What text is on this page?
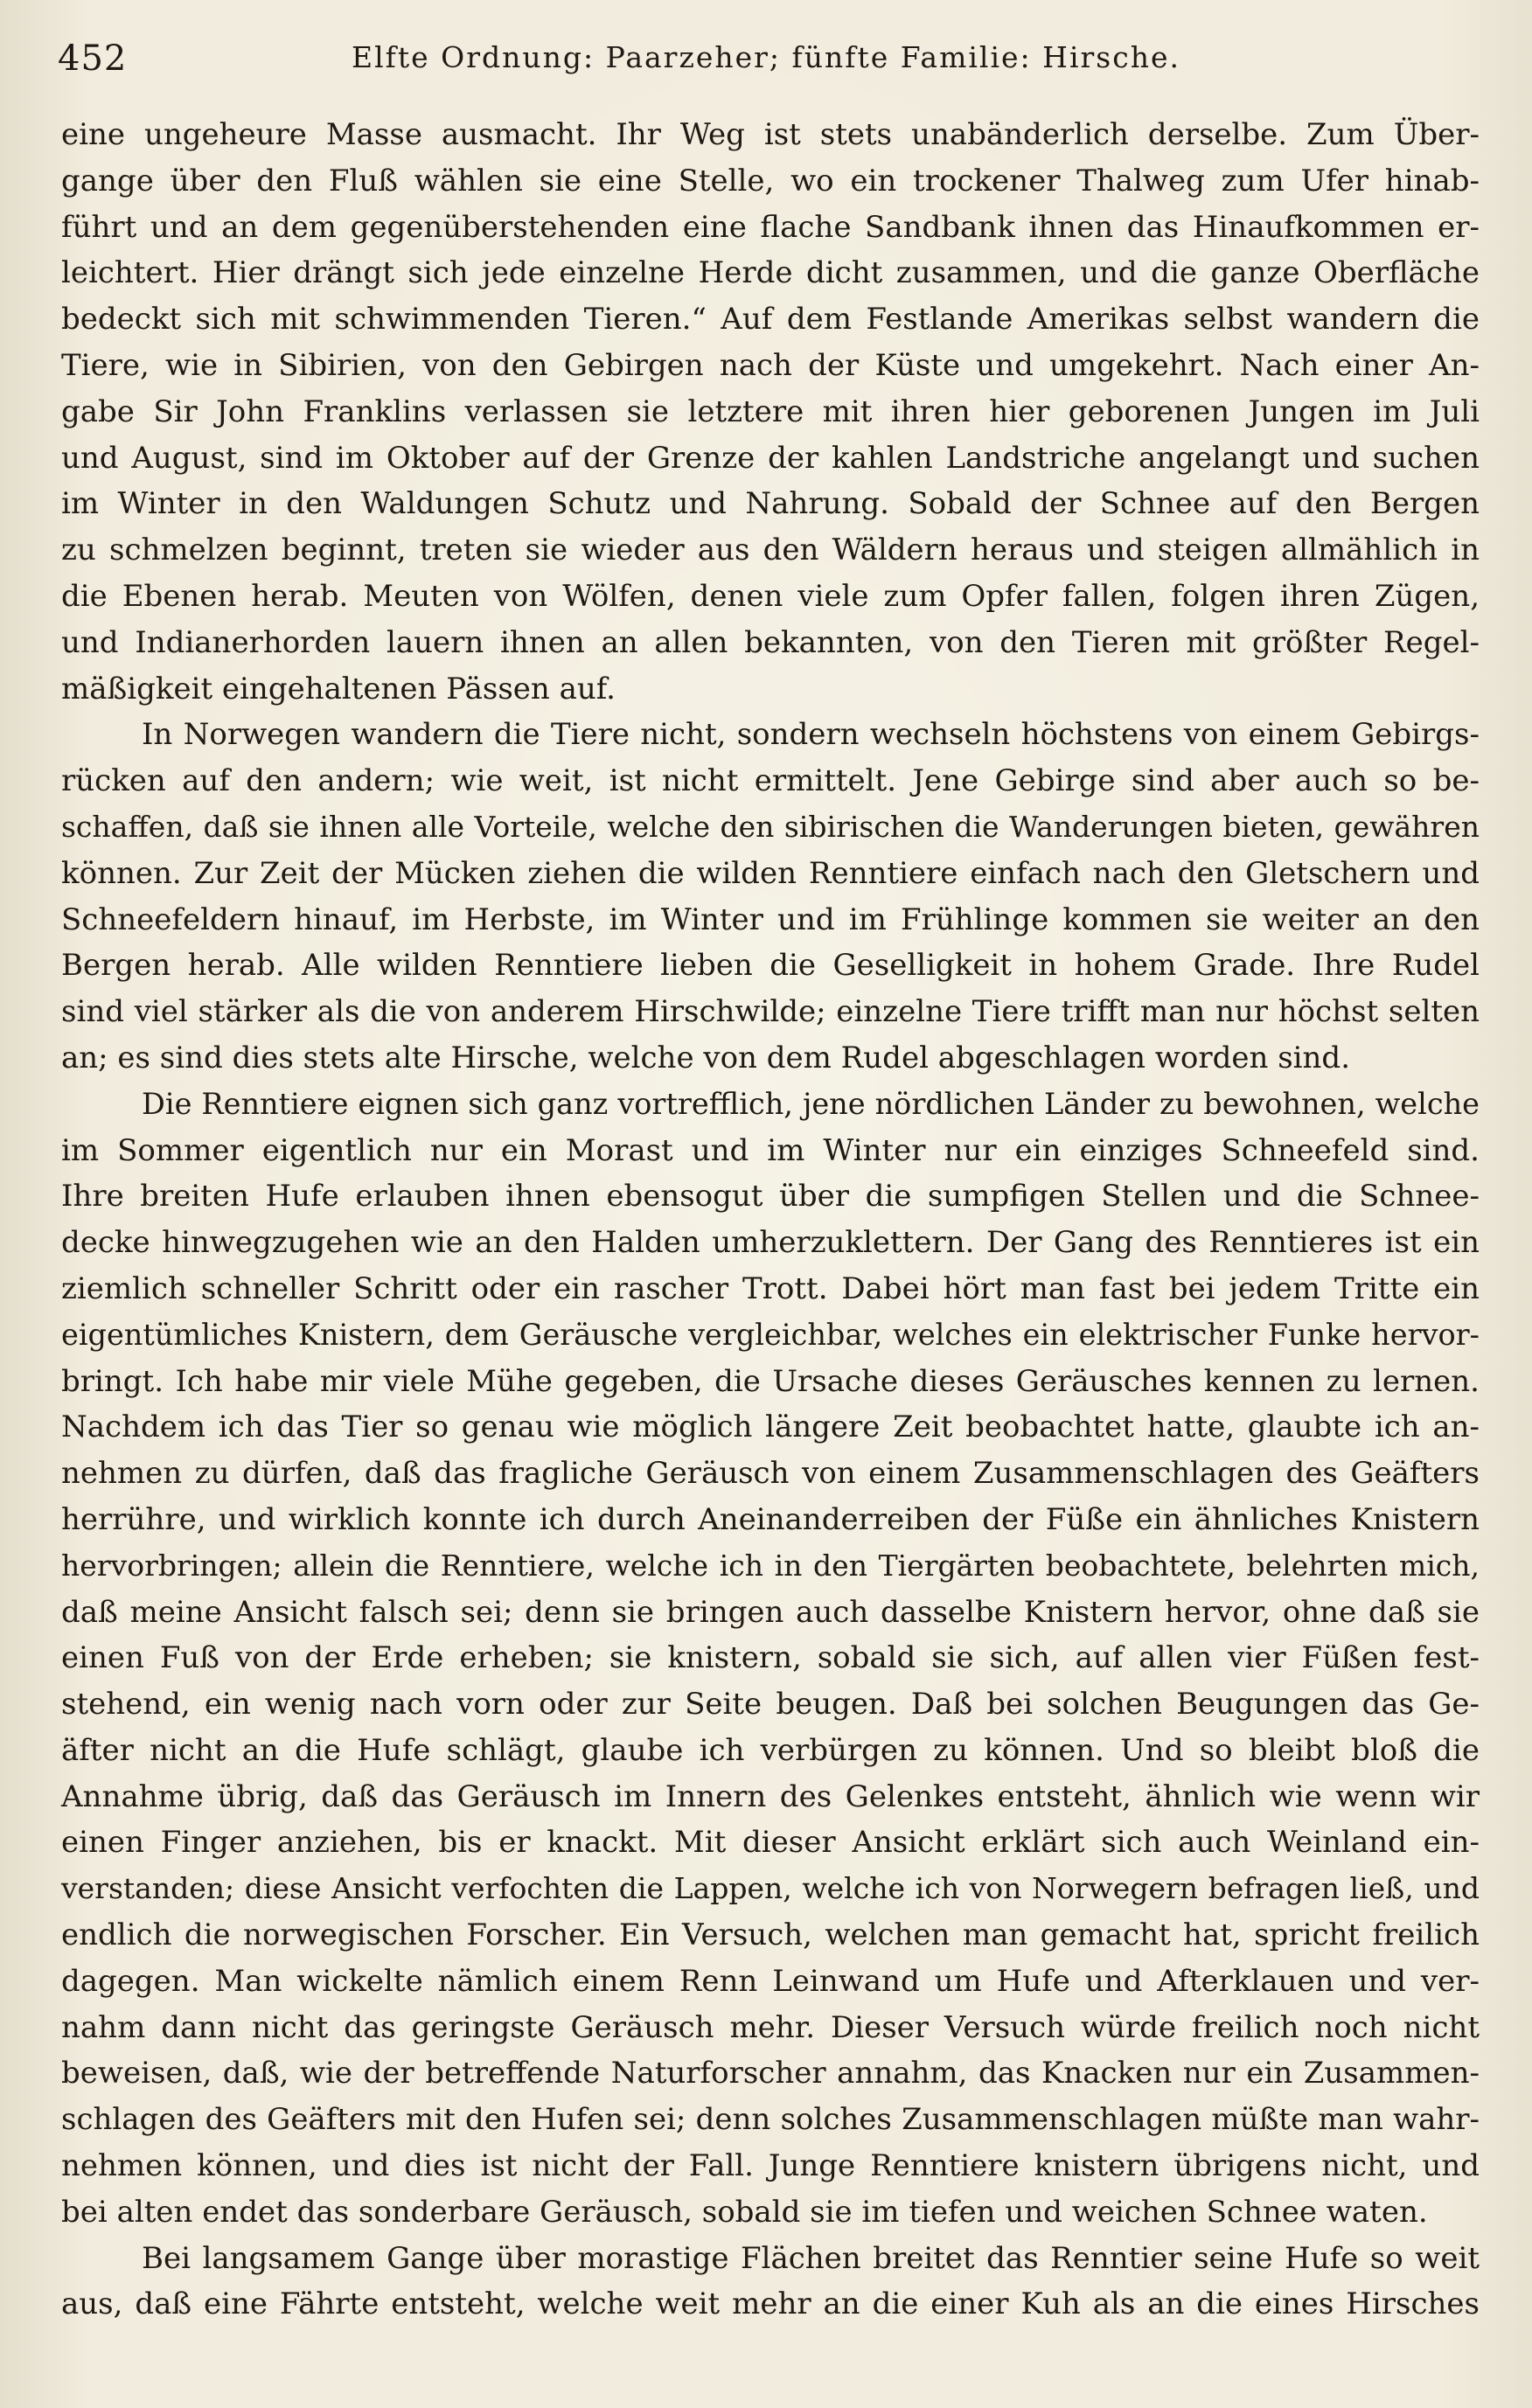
452	Elfte Ordnung: Paarzeher; fünfte Familie: Hirsche.
eine ungeheure Masse ausmacht. Ihr Weg ist stets unabänderlich derselbe. Zum Über-
gange über den Fluß wählen sie eine Stelle, wo ein trockener Thalweg zum Ufer hinab-
führt und an dem gegenüberstehenden eine flache Sandbank ihnen das Hinaufkommen er-
leichtert. Hier drängt sich jede einzelne Herde dicht zusammen, und die ganze Oberfläche
bedeckt sich mit schwimmenden Tieren.“ Auf dem Festlande Amerikas selbst wandern die
Tiere, wie in Sibirien, von den Gebirgen nach der Küste und umgekehrt. Nach einer An-
gabe Sir John Franklins verlassen sie letztere mit ihren hier geborenen Jungen im Juli
und August, sind im Oktober auf der Grenze der kahlen Landstriche angelangt und suchen
im Winter in den Waldungen Schutz und Nahrung. Sobald der Schnee auf den Bergen
zu schmelzen beginnt, treten sie wieder aus den Wäldern heraus und steigen allmählich in
die Ebenen herab. Meuten von Wölfen, denen viele zum Opfer fallen, folgen ihren Zügen,
und Indianerhorden lauern ihnen an allen bekannten, von den Tieren mit größter Regel-
mäßigkeit eingehaltenen Pässen auf.
In Norwegen wandern die Tiere nicht, sondern wechseln höchstens von einem Gebirgs-
rücken auf den andern; wie weit, ist nicht ermittelt. Jene Gebirge sind aber auch so be-
schaffen, daß sie ihnen alle Vorteile, welche den sibirischen die Wanderungen bieten, gewähren
können. Zur Zeit der Mücken ziehen die wilden Renntiere einfach nach den Gletschern und
Schneefeldern hinauf, im Herbste, im Winter und im Frühlinge kommen sie weiter an den
Bergen herab. Alle wilden Renntiere lieben die Geselligkeit in hohem Grade. Ihre Rudel
sind viel stärker als die von anderem Hirschwilde; einzelne Tiere trifft man nur höchst selten
an; es sind dies stets alte Hirsche, welche von dem Rudel abgeschlagen worden sind.
Die Renntiere eignen sich ganz vortrefflich, jene nördlichen Länder zu bewohnen, welche
im Sommer eigentlich nur ein Morast und im Winter nur ein einziges Schneefeld sind.
Ihre breiten Hufe erlauben ihnen ebensogut über die sumpfigen Stellen und die Schnee-
decke hinwegzugehen wie an den Halden umherzuklettern. Der Gang des Renntieres ist ein
ziemlich schneller Schritt oder ein rascher Trott. Dabei hört man fast bei jedem Tritte ein
eigentümliches Knistern, dem Geräusche vergleichbar, welches ein elektrischer Funke hervor-
bringt. Ich habe mir viele Mühe gegeben, die Ursache dieses Geräusches kennen zu lernen.
Nachdem ich das Tier so genau wie möglich längere Zeit beobachtet hatte, glaubte ich an-
nehmen zu dürfen, daß das fragliche Geräusch von einem Zusammenschlagen des Geäfters
herrühre, und wirklich konnte ich durch Aneinanderreiben der Füße ein ähnliches Knistern
hervorbringen; allein die Renntiere, welche ich in den Tiergärten beobachtete, belehrten mich,
daß meine Ansicht falsch sei; denn sie bringen auch dasselbe Knistern hervor, ohne daß sie
einen Fuß von der Erde erheben; sie knistern, sobald sie sich, auf allen vier Füßen fest-
stehend, ein wenig nach vorn oder zur Seite beugen. Daß bei solchen Beugungen das Ge-
äfter nicht an die Hufe schlägt, glaube ich verbürgen zu können. Und so bleibt bloß die
Annahme übrig, daß das Geräusch im Innern des Gelenkes entsteht, ähnlich wie wenn wir
einen Finger anziehen, bis er knackt. Mit dieser Ansicht erklärt sich auch Weinland ein-
verstanden; diese Ansicht verfochten die Lappen, welche ich von Norwegern befragen ließ, und
endlich die norwegischen Forscher. Ein Versuch, welchen man gemacht hat, spricht freilich
dagegen. Man wickelte nämlich einem Renn Leinwand um Hufe und Afterklauen und ver-
nahm dann nicht das geringste Geräusch mehr. Dieser Versuch würde freilich noch nicht
beweisen, daß, wie der betreffende Naturforscher annahm, das Knacken nur ein Zusammen-
schlagen des Geäfters mit den Hufen sei; denn solches Zusammenschlagen müßte man wahr-
nehmen können, und dies ist nicht der Fall. Junge Renntiere knistern übrigens nicht, und
bei alten endet das sonderbare Geräusch, sobald sie im tiefen und weichen Schnee waten.
Bei langsamem Gange über morastige Flächen breitet das Renntier seine Hufe so weit
aus, daß eine Fährte entsteht, welche weit mehr an die einer Kuh als an die eines Hirsches
